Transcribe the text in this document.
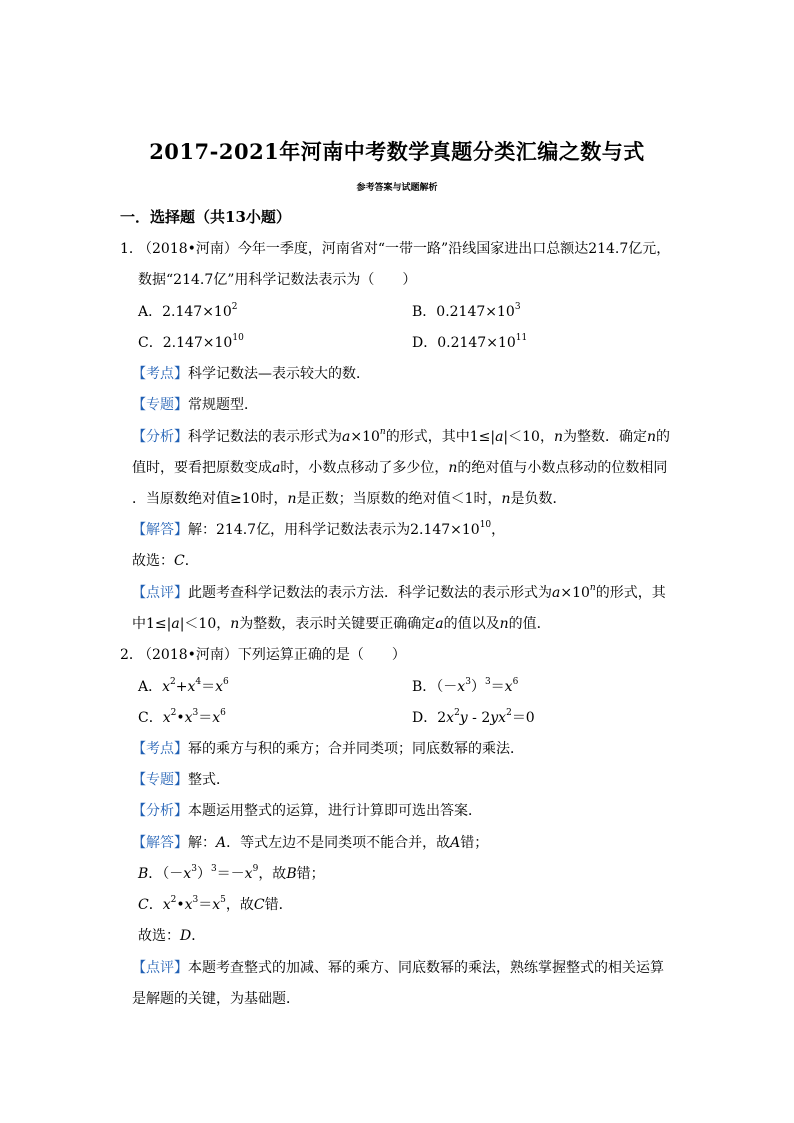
2017-2021年河南中考数学真题分类汇编之数与式
参考答案与试题解析
一．选择题（共13小题）
1．
（2018•河南）今年一季度，河南省对“一带一路”沿线国家进出口总额达214.7亿元，
数据“214.7亿”用科学记数法表示为（　　）
A．$2.147\times 10^2$	B．$0.2147\times 10^3$
C．$2.147\times 10^{10}$	D．$0.2147\times 10^{11}$
【考点】科学记数法—表示较大的数．
【专题】常规题型．
【分析】科学记数法的表示形式为$a\times 10^n$的形式，其中1≤|a|＜10，n为整数．确定n的
值时，要看把原数变成a时，小数点移动了多少位，n的绝对值与小数点移动的位数相同
．当原数绝对值≥10时，n是正数；当原数的绝对值＜1时，n是负数．
【解答】解：214.7亿，用科学记数法表示为$2.147\times 10^{10}$，
故选：C．
【点评】此题考查科学记数法的表示方法．科学记数法的表示形式为$a\times 10^n$的形式，其
中1≤|a|＜10，n为整数，表示时关键要正确确定a的值以及n的值．
2．
（2018•河南）下列运算正确的是（　　）
A．$x^2+x^4=x^6$	B．$(-x^3)^3=x^6$
C．$x^2•x^3=x^6$	D．$2x^2y - 2yx^2=0$
【考点】幂的乘方与积的乘方；合并同类项；同底数幂的乘法．
【专题】整式．
【分析】本题运用整式的运算，进行计算即可选出答案．
【解答】解：A．等式左边不是同类项不能合并，故A错；
B．$(-x^3)^3=-x^9$，故B错；
C．$x^2•x^3=x^5$，故C错．
故选：D．
【点评】本题考查整式的加减、幂的乘方、同底数幂的乘法，熟练掌握整式的相关运算
是解题的关键，为基础题．
